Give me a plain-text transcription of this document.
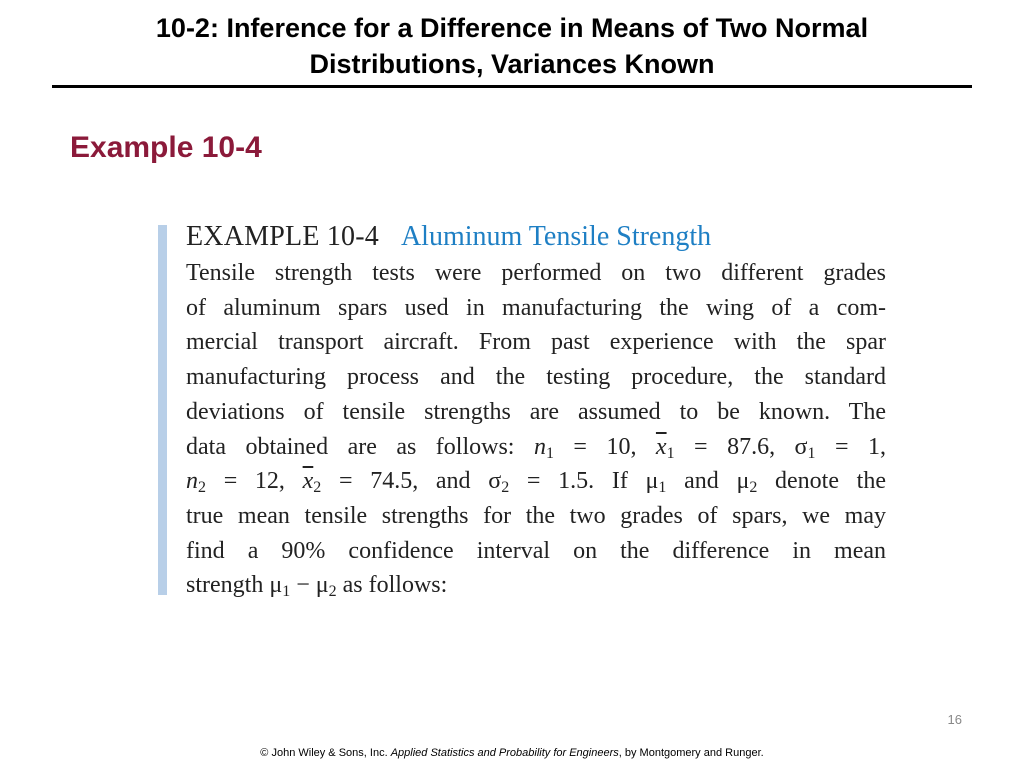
10-2: Inference for a Difference in Means of Two Normal
Distributions, Variances Known
Example 10-4
EXAMPLE 10-4 Aluminum Tensile Strength
Tensile strength tests were performed on two different grades
of aluminum spars used in manufacturing the wing of a com-
mercial transport aircraft. From past experience with the spar
manufacturing process and the testing procedure, the standard
deviations of tensile strengths are assumed to be known. The
data obtained are as follows: $n_1 = 10$, $\overline{x}_1 = 87.6$, $\sigma_1 = 1$,
$n_2 = 12$, $\overline{x}_2 = 74.5$, and $\sigma_2 = 1.5$. If $\mu_1$ and $\mu_2$ denote the
true mean tensile strengths for the two grades of spars, we may
find a 90% confidence interval on the difference in mean
strength $\mu_1 - \mu_2$ as follows:
16
© John Wiley & Sons, Inc. Applied Statistics and Probability for Engineers, by Montgomery and Runger.
